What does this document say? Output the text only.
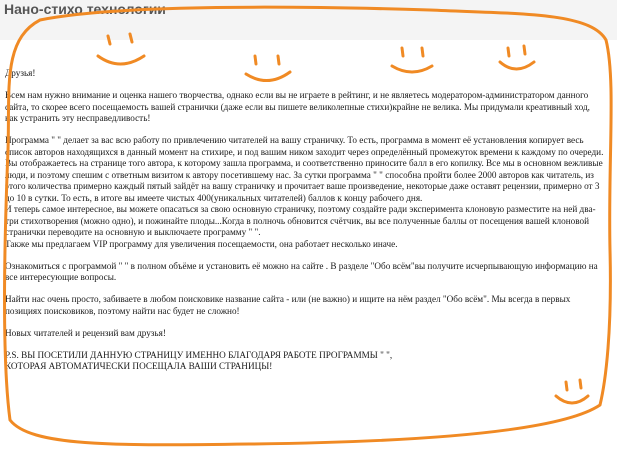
Нано-стихо технологии

Друзья!

Всем нам нужно внимание и оценка нашего творчества, однако если вы не играете в рейтинг, и не являетесь модератором-администратором данного сайта, то скорее всего посещаемость вашей странички (даже если вы пишете великолепные стихи)крайне не велика. Мы придумали креативный ход, как устранить эту несправедливость!

Программа " " делает за вас всю работу по привлечению читателей на вашу страничку. То есть, программа в момент её установления копирует весь список авторов находящихся в данный момент на стихире, и под вашим ником заходит через определённый промежуток времени к каждому по очереди. Вы отображаетесь на странице того автора, к которому зашла программа, и соответственно приносите балл в его копилку. Все мы в основном вежливые люди, и поэтому спешим с ответным визитом к автору посетившему нас. За сутки программа " " способна пройти более 2000 авторов как читатель, из этого количества примерно каждый пятый зайдёт на вашу страничку и прочитает ваше произведение, некоторые даже оставят рецензии, примерно от 3 до 10 в сутки. То есть, в итоге вы имеете чистых 400(уникальных читателей) баллов к концу рабочего дня.
И теперь самое интересное, вы можете опасаться за свою основную страничку, поэтому создайте ради эксперимента клоновую разместите на ней два-три стихотворения (можно одно), и пожинайте плоды...Когда в полночь обновится счётчик, вы все полученные баллы от посещения вашей клоновой странички переводите на основную и выключаете программу " ".
Также мы предлагаем VIP программу для увеличения посещаемости, она работает несколько иначе.

Ознакомиться с программой " " в полном объёме и установить её можно на сайте . В разделе "Обо всём"вы получите исчерпывающую информацию на все интересующие вопросы.

Найти нас очень просто, забиваете в любом поисковике название сайта - или (не важно) и ищите на нём раздел "Обо всём". Мы всегда в первых позициях поисковиков, поэтому найти нас будет не сложно!

Новых читателей и рецензий вам друзья!

P.S. ВЫ ПОСЕТИЛИ ДАННУЮ СТРАНИЦУ ИМЕННО БЛАГОДАРЯ РАБОТЕ ПРОГРАММЫ " ",
КОТОРАЯ АВТОМАТИЧЕСКИ ПОСЕЩАЛА ВАШИ СТРАНИЦЫ!
